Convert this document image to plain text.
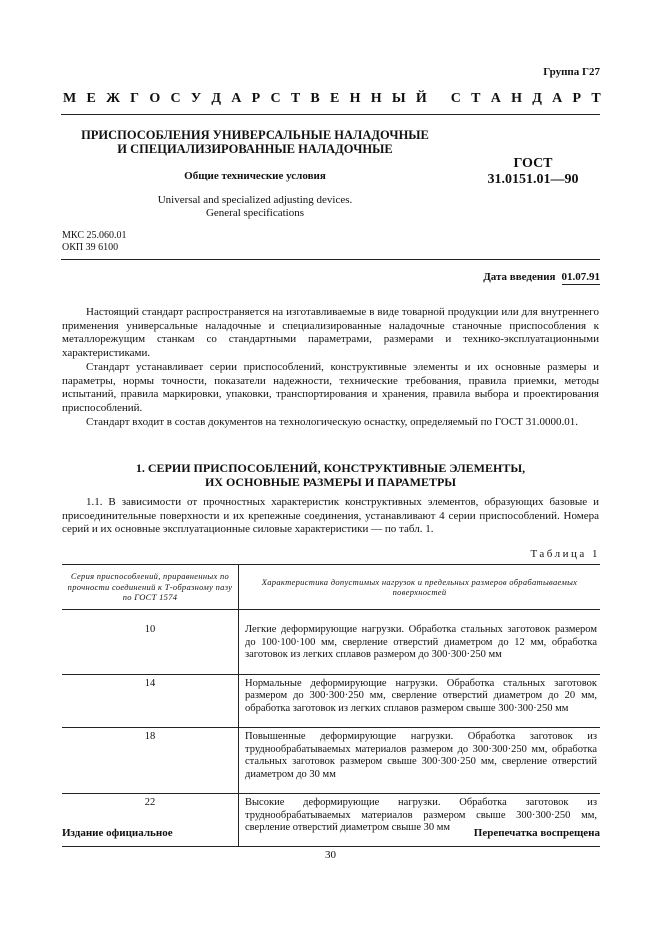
Группа Г27
М Е Ж Г О С У Д А Р С Т В Е Н Н Ы Й
С Т А Н Д А Р Т
ПРИСПОСОБЛЕНИЯ УНИВЕРСАЛЬНЫЕ НАЛАДОЧНЫЕ
И СПЕЦИАЛИЗИРОВАННЫЕ НАЛАДОЧНЫЕ
Общие технические условия
Universal and specialized adjusting devices.
General specifications
ГОСТ
31.0151.01—90
МКС 25.060.01
ОКП 39 6100
Дата введения 01.07.91
Настоящий стандарт распространяется на изготавливаемые в виде товарной продукции или для внутреннего применения универсальные наладочные и специализированные наладочные станочные приспособления к металлорежущим станкам со стандартными параметрами, размерами и технико-эксплуатационными характеристиками.
Стандарт устанавливает серии приспособлений, конструктивные элементы и их основные размеры и параметры, нормы точности, показатели надежности, технические требования, правила приемки, методы испытаний, правила маркировки, упаковки, транспортирования и хранения, правила выбора и проектирования приспособлений.
Стандарт входит в состав документов на технологическую оснастку, определяемый по ГОСТ 31.0000.01.
1. СЕРИИ ПРИСПОСОБЛЕНИЙ, КОНСТРУКТИВНЫЕ ЭЛЕМЕНТЫ,
ИХ ОСНОВНЫЕ РАЗМЕРЫ И ПАРАМЕТРЫ
1.1. В зависимости от прочностных характеристик конструктивных элементов, образующих базовые и присоединительные поверхности и их крепежные соединения, устанавливают 4 серии приспособлений. Номера серий и их основные эксплуатационные силовые характеристики — по табл. 1.
Таблица 1
Серия приспособлений, приравненных по прочности соединений к Т-образному пазу по ГОСТ 1574	Характеристика допустимых нагрузок и предельных размеров обрабатываемых поверхностей

10	Легкие деформирующие нагрузки. Обработка стальных заготовок размером до 100·100·100 мм, сверление отверстий диаметром до 12 мм, обработка заготовок из легких сплавов размером до 300·300·250 мм

14	Нормальные деформирующие нагрузки. Обработка стальных заготовок размером до 300·300·250 мм, сверление отверстий диаметром до 20 мм, обработка заготовок из легких сплавов размером свыше 300·300·250 мм

18	Повышенные деформирующие нагрузки. Обработка заготовок из труднообрабатываемых материалов размером до 300·300·250 мм, обработка стальных заготовок размером свыше 300·300·250 мм, сверление отверстий диаметром до 30 мм

22	Высокие деформирующие нагрузки. Обработка заготовок из труднообрабатываемых материалов размером свыше 300·300·250 мм, сверление отверстий диаметром свыше 30 мм

Издание официальное	Перепечатка воспрещена
30
